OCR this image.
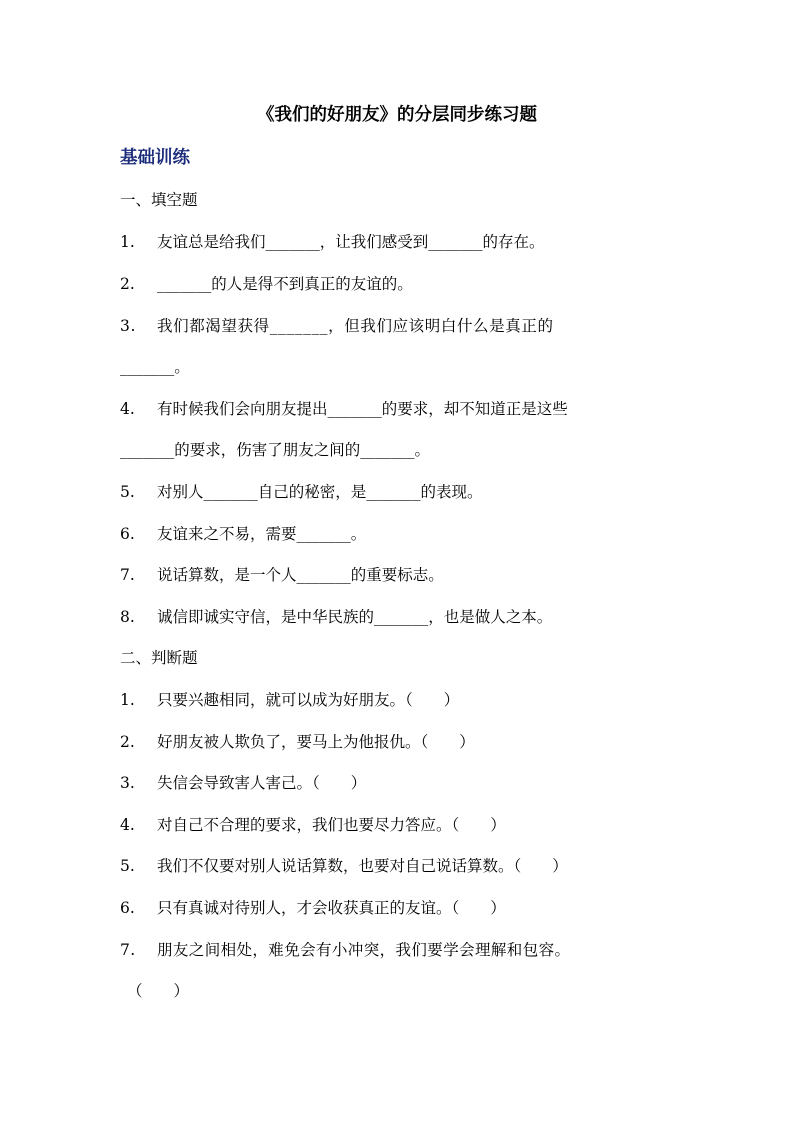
《我们的好朋友》的分层同步练习题
基础训练
一、填空题
1. 友谊总是给我们_______，让我们感受到_______的存在。
2. _______的人是得不到真正的友谊的。
3. 我们都渴望获得_______，但我们应该明白什么是真正的
_______。
4. 有时候我们会向朋友提出_______的要求，却不知道正是这些
_______的要求，伤害了朋友之间的_______。
5. 对别人_______自己的秘密，是_______的表现。
6. 友谊来之不易，需要_______。
7. 说话算数，是一个人_______的重要标志。
8. 诚信即诚实守信，是中华民族的_______，也是做人之本。
二、判断题
1. 只要兴趣相同，就可以成为好朋友。（　　）
2. 好朋友被人欺负了，要马上为他报仇。（　　）
3. 失信会导致害人害己。（　　）
4. 对自己不合理的要求，我们也要尽力答应。（　　）
5. 我们不仅要对别人说话算数，也要对自己说话算数。（　　）
6. 只有真诚对待别人，才会收获真正的友谊。（　　）
7. 朋友之间相处，难免会有小冲突，我们要学会理解和包容。
（　　）
